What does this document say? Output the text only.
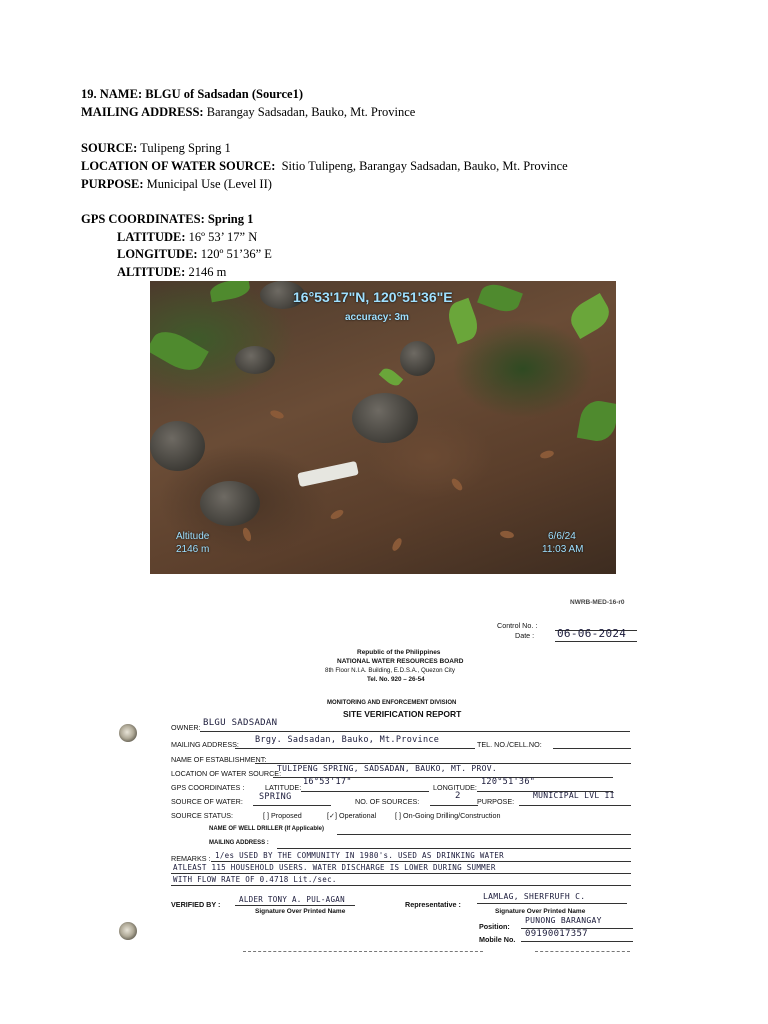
19. NAME: BLGU of Sadsadan (Source1)
MAILING ADDRESS: Barangay Sadsadan, Bauko, Mt. Province
SOURCE: Tulipeng Spring 1
LOCATION OF WATER SOURCE: Sitio Tulipeng, Barangay Sadsadan, Bauko, Mt. Province
PURPOSE: Municipal Use (Level II)
GPS COORDINATES: Spring 1
LATITUDE: 16º 53’ 17” N
LONGITUDE: 120º 51’36” E
ALTITUDE: 2146 m
16°53'17"N, 120°51'36"E
accuracy: 3m
Altitude
2146 m
6/6/24
11:03 AM
NWRB-MED-16-r0
Control No. :
Date : 06-06-2024
Republic of the Philippines
NATIONAL WATER RESOURCES BOARD
8th Floor N.I.A. Building, E.D.S.A., Quezon City
Tel. No. 920 – 26-54
MONITORING AND ENFORCEMENT DIVISION
SITE VERIFICATION REPORT
OWNER: BLGU SADSADAN
MAILING ADDRESS: Brgy. Sadsadan, Bauko, Mt.Province	TEL. NO./CELL.NO:
NAME OF ESTABLISHMENT:
LOCATION OF WATER SOURCE:
TULIPENG SPRING, SADSADAN, BAUKO, MT. PROV.
GPS COORDINATES :	LATITUDE:
16°53'17"
LONGITUDE:
120°51'36"
SOURCE OF WATER: SPRING	NO. OF SOURCES:
2
PURPOSE:
MUNICIPAL LVL II
SOURCE STATUS:	[ ] Proposed	[✓] Operational	[ ] On-Going Drilling/Construction
NAME OF WELL DRILLER (If Applicable)
MAILING ADDRESS :
REMARKS : 1/es USED BY THE COMMUNITY IN 1980's. USED AS DRINKING WATER
ATLEAST 115 HOUSEHOLD USERS. WATER DISCHARGE IS LOWER DURING SUMMER
WITH FLOW RATE OF 0.4718 Lit./sec.
VERIFIED BY :
ALDER TONY A. PUL-AGAN
Signature Over Printed Name
Representative :
LAMLAG, SHERFRUFH C.
Signature Over Printed Name
Position:
PUNONG BARANGAY
Mobile No.
09190017357
